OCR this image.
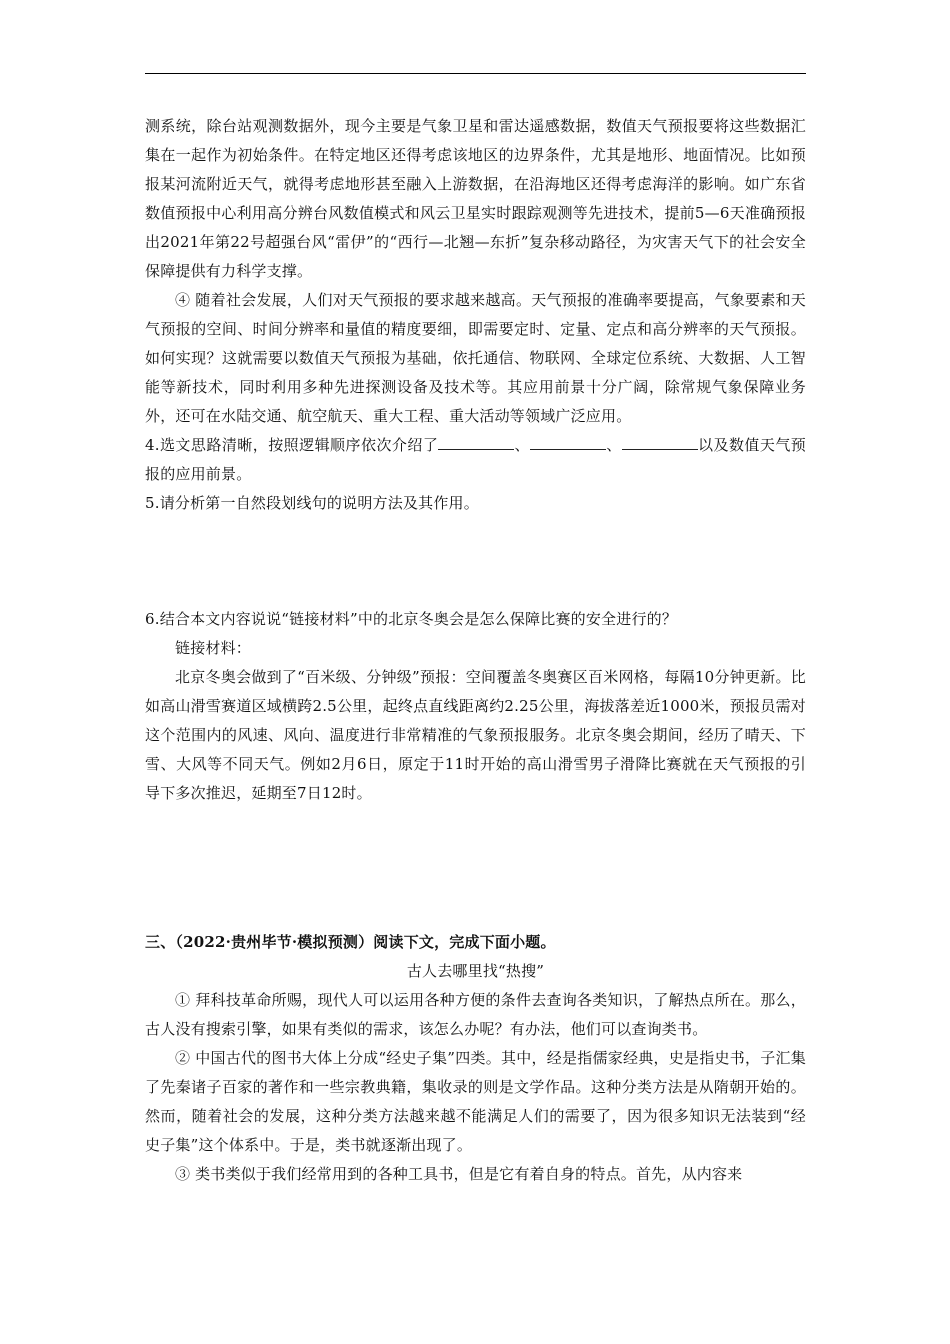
测系统，除台站观测数据外，现今主要是气象卫星和雷达遥感数据，数值天气预报要将这些数据汇集在一起作为初始条件。在特定地区还得考虑该地区的边界条件，尤其是地形、地面情况。比如预报某河流附近天气，就得考虑地形甚至融入上游数据，在沿海地区还得考虑海洋的影响。如广东省数值预报中心利用高分辨台风数值模式和风云卫星实时跟踪观测等先进技术，提前5—6天准确预报出2021年第22号超强台风“雷伊”的“西行—北翘—东折”复杂移动路径，为灾害天气下的社会安全保障提供有力科学支撑。

④ 随着社会发展，人们对天气预报的要求越来越高。天气预报的准确率要提高，气象要素和天气预报的空间、时间分辨率和量值的精度要细，即需要定时、定量、定点和高分辨率的天气预报。如何实现？这就需要以数值天气预报为基础，依托通信、物联网、全球定位系统、大数据、人工智能等新技术，同时利用多种先进探测设备及技术等。其应用前景十分广阔，除常规气象保障业务外，还可在水陆交通、航空航天、重大工程、重大活动等领域广泛应用。

4.选文思路清晰，按照逻辑顺序依次介绍了	、	、	以及数值天气预报的应用前景。

5.请分析第一自然段划线句的说明方法及其作用。

6.结合本文内容说说“链接材料”中的北京冬奥会是怎么保障比赛的安全进行的？

链接材料：

北京冬奥会做到了“百米级、分钟级”预报：空间覆盖冬奥赛区百米网格，每隔10分钟更新。比如高山滑雪赛道区域横跨2.5公里，起终点直线距离约2.25公里，海拔落差近1000米，预报员需对这个范围内的风速、风向、温度进行非常精准的气象预报服务。北京冬奥会期间，经历了晴天、下雪、大风等不同天气。例如2月6日，原定于11时开始的高山滑雪男子滑降比赛就在天气预报的引导下多次推迟，延期至7日12时。

三、（2022·贵州毕节·模拟预测）阅读下文，完成下面小题。

古人去哪里找“热搜”

① 拜科技革命所赐，现代人可以运用各种方便的条件去查询各类知识，了解热点所在。那么，古人没有搜索引擎，如果有类似的需求，该怎么办呢？有办法，他们可以查询类书。

② 中国古代的图书大体上分成“经史子集”四类。其中，经是指儒家经典，史是指史书，子汇集了先秦诸子百家的著作和一些宗教典籍，集收录的则是文学作品。这种分类方法是从隋朝开始的。然而，随着社会的发展，这种分类方法越来越不能满足人们的需要了，因为很多知识无法装到“经史子集”这个体系中。于是，类书就逐渐出现了。

③ 类书类似于我们经常用到的各种工具书，但是它有着自身的特点。首先，从内容来
